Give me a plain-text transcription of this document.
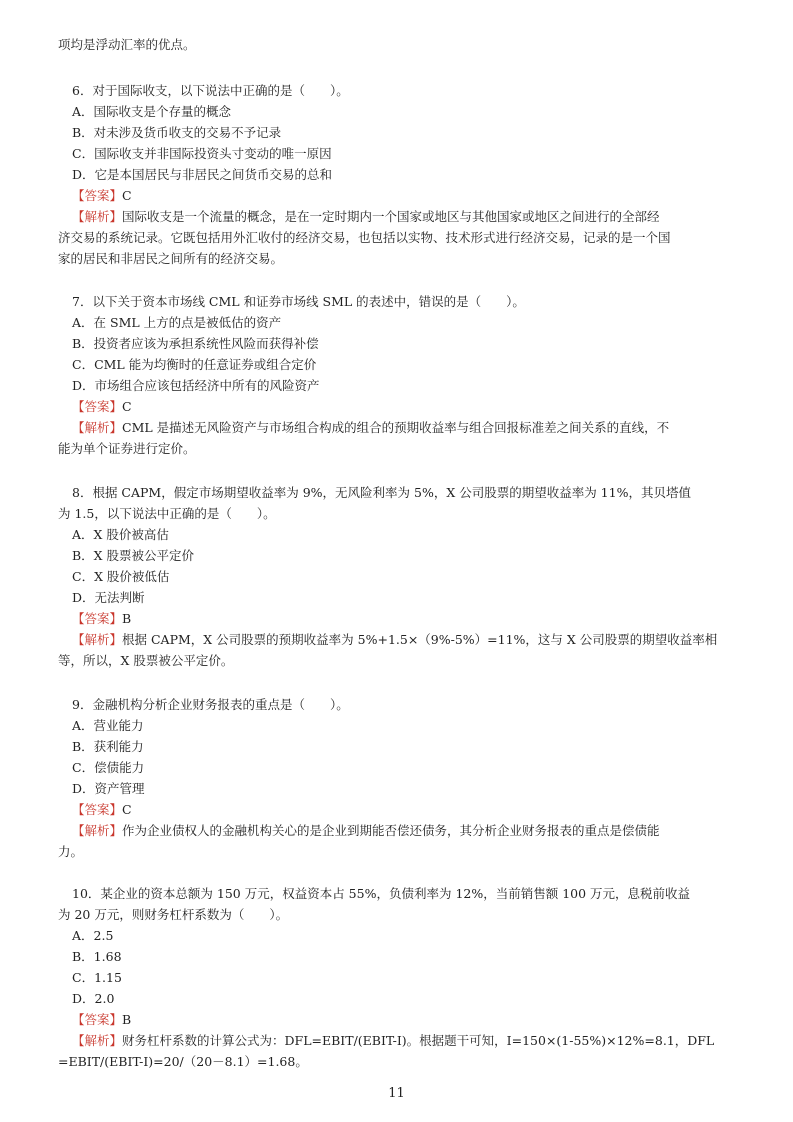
项均是浮动汇率的优点。
6．对于国际收支，以下说法中正确的是（　　）。
A．国际收支是个存量的概念
B．对未涉及货币收支的交易不予记录
C．国际收支并非国际投资头寸变动的唯一原因
D．它是本国居民与非居民之间货币交易的总和
【答案】C
【解析】国际收支是一个流量的概念，是在一定时期内一个国家或地区与其他国家或地区之间进行的全部经
济交易的系统记录。它既包括用外汇收付的经济交易，也包括以实物、技术形式进行经济交易，记录的是一个国
家的居民和非居民之间所有的经济交易。
7．以下关于资本市场线 CML 和证券市场线 SML 的表述中，错误的是（　　）。
A．在 SML 上方的点是被低估的资产
B．投资者应该为承担系统性风险而获得补偿
C．CML 能为均衡时的任意证券或组合定价
D．市场组合应该包括经济中所有的风险资产
【答案】C
【解析】CML 是描述无风险资产与市场组合构成的组合的预期收益率与组合回报标准差之间关系的直线，不
能为单个证券进行定价。
8．根据 CAPM，假定市场期望收益率为 9%，无风险利率为 5%，X 公司股票的期望收益率为 11%，其贝塔值
为 1.5，以下说法中正确的是（　　）。
A．X 股价被高估
B．X 股票被公平定价
C．X 股价被低估
D．无法判断
【答案】B
【解析】根据 CAPM，X 公司股票的预期收益率为 5%+1.5×（9%-5%）=11%，这与 X 公司股票的期望收益率相
等，所以，X 股票被公平定价。
9．金融机构分析企业财务报表的重点是（　　）。
A．营业能力
B．获利能力
C．偿债能力
D．资产管理
【答案】C
【解析】作为企业债权人的金融机构关心的是企业到期能否偿还债务，其分析企业财务报表的重点是偿债能
力。
10．某企业的资本总额为 150 万元，权益资本占 55%，负债利率为 12%，当前销售额 100 万元，息税前收益
为 20 万元，则财务杠杆系数为（　　）。
A．2.5
B．1.68
C．1.15
D．2.0
【答案】B
【解析】财务杠杆系数的计算公式为：DFL=EBIT/(EBIT-I)。根据题干可知，I=150×(1-55%)×12%=8.1，DFL
=EBIT/(EBIT-I)=20/（20－8.1）=1.68。
11
